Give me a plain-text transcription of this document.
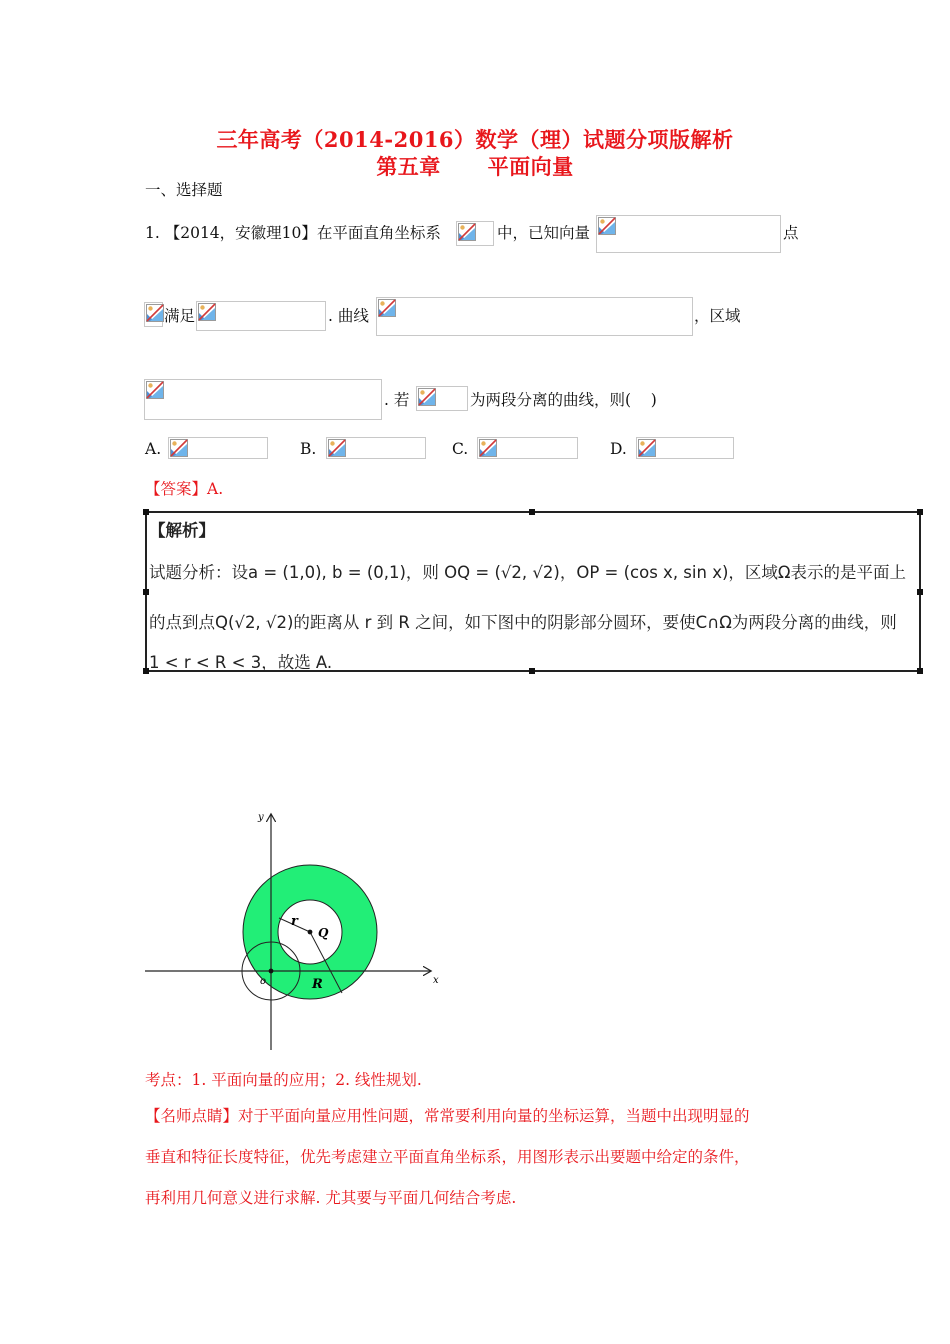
三年高考（2014-2016）数学（理）试题分项版解析
第五章      平面向量
一、选择题
1. 【2014，安徽理10】在平面直角坐标系	中，已知向量	点
满足	. 曲线	，区域
. 若	为两段分离的曲线，则(    )
A.	B.	C.	D.
【答案】A.
【解析】
试题分析：设a = (1,0), b = (0,1)，则 OQ = (√2, √2)，OP = (cos x, sin x)，区域Ω表示的是平面上
的点到点Q(√2, √2)的距离从 r 到 R 之间，如下图中的阴影部分圆环，要使C∩Ω为两段分离的曲线，则
1 < r < R < 3，故选 A.
y
x
o
r
Q
R
考点：1. 平面向量的应用；2. 线性规划.
【名师点睛】对于平面向量应用性问题，常常要利用向量的坐标运算，当题中出现明显的
垂直和特征长度特征，优先考虑建立平面直角坐标系，用图形表示出要题中给定的条件，
再利用几何意义进行求解. 尤其要与平面几何结合考虑.
